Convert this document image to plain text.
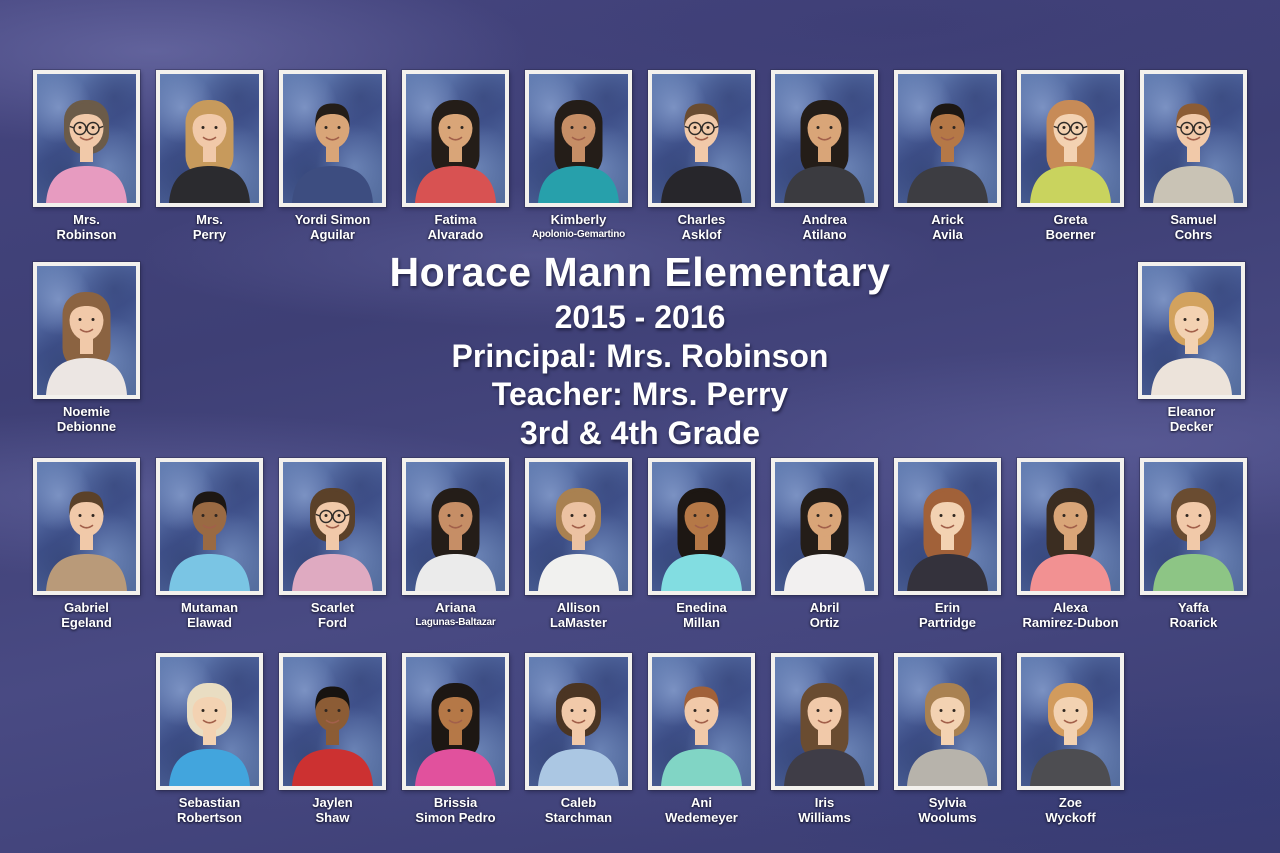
Mrs.
Robinson
Mrs.
Perry
Yordi Simon
Aguilar
Fatima
Alvarado
Kimberly
Apolonio-Gemartino
Charles
Asklof
Andrea
Atilano
Arick
Avila
Greta
Boerner
Samuel
Cohrs
Noemie
Debionne
Horace Mann Elementary
2015 - 2016
Principal: Mrs. Robinson
Teacher: Mrs. Perry
3rd & 4th Grade
Eleanor
Decker
Gabriel
Egeland
Mutaman
Elawad
Scarlet
Ford
Ariana
Lagunas-Baltazar
Allison
LaMaster
Enedina
Millan
Abril
Ortiz
Erin
Partridge
Alexa
Ramirez-Dubon
Yaffa
Roarick
Sebastian
Robertson
Jaylen
Shaw
Brissia
Simon Pedro
Caleb
Starchman
Ani
Wedemeyer
Iris
Williams
Sylvia
Woolums
Zoe
Wyckoff
